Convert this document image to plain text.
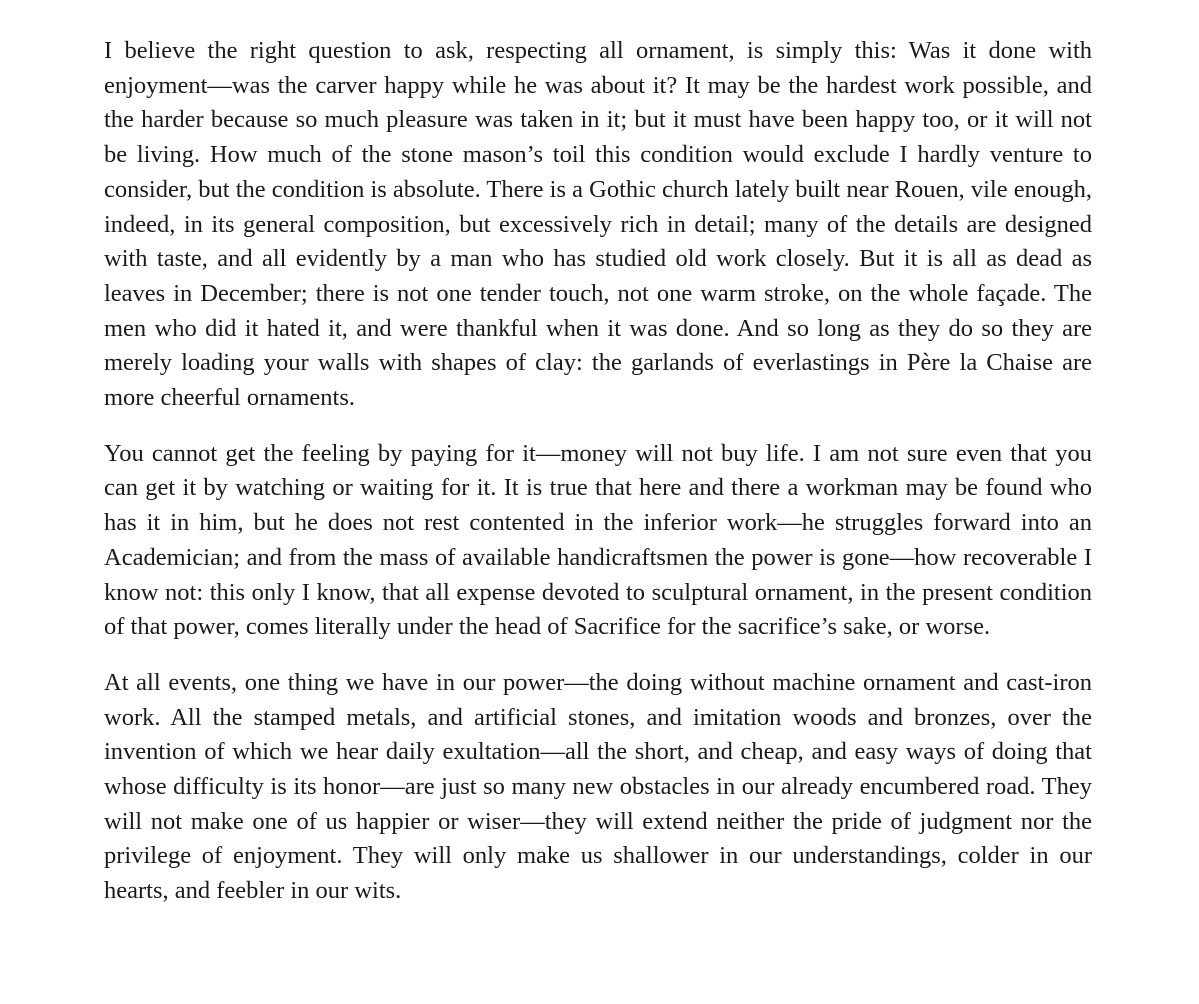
I believe the right question to ask, respecting all ornament, is simply this: Was it done with enjoyment—was the carver happy while he was about it? It may be the hardest work possible, and the harder because so much pleasure was taken in it; but it must have been happy too, or it will not be living. How much of the stone mason’s toil this condition would exclude I hardly venture to consider, but the condition is absolute. There is a Gothic church lately built near Rouen, vile enough, indeed, in its general composition, but excessively rich in detail; many of the details are designed with taste, and all evidently by a man who has studied old work closely. But it is all as dead as leaves in December; there is not one tender touch, not one warm stroke, on the whole façade. The men who did it hated it, and were thankful when it was done. And so long as they do so they are merely loading your walls with shapes of clay: the garlands of everlastings in Père la Chaise are more cheerful ornaments.

You cannot get the feeling by paying for it—money will not buy life. I am not sure even that you can get it by watching or waiting for it. It is true that here and there a workman may be found who has it in him, but he does not rest contented in the inferior work—he struggles forward into an Academician; and from the mass of available handicraftsmen the power is gone—how recoverable I know not: this only I know, that all expense devoted to sculptural ornament, in the present condition of that power, comes literally under the head of Sacrifice for the sacrifice’s sake, or worse.

At all events, one thing we have in our power—the doing without machine ornament and cast-iron work. All the stamped metals, and artificial stones, and imitation woods and bronzes, over the invention of which we hear daily exultation—all the short, and cheap, and easy ways of doing that whose difficulty is its honor—are just so many new obstacles in our already encumbered road. They will not make one of us happier or wiser—they will extend neither the pride of judgment nor the privilege of enjoyment. They will only make us shallower in our understandings, colder in our hearts, and feebler in our wits.
